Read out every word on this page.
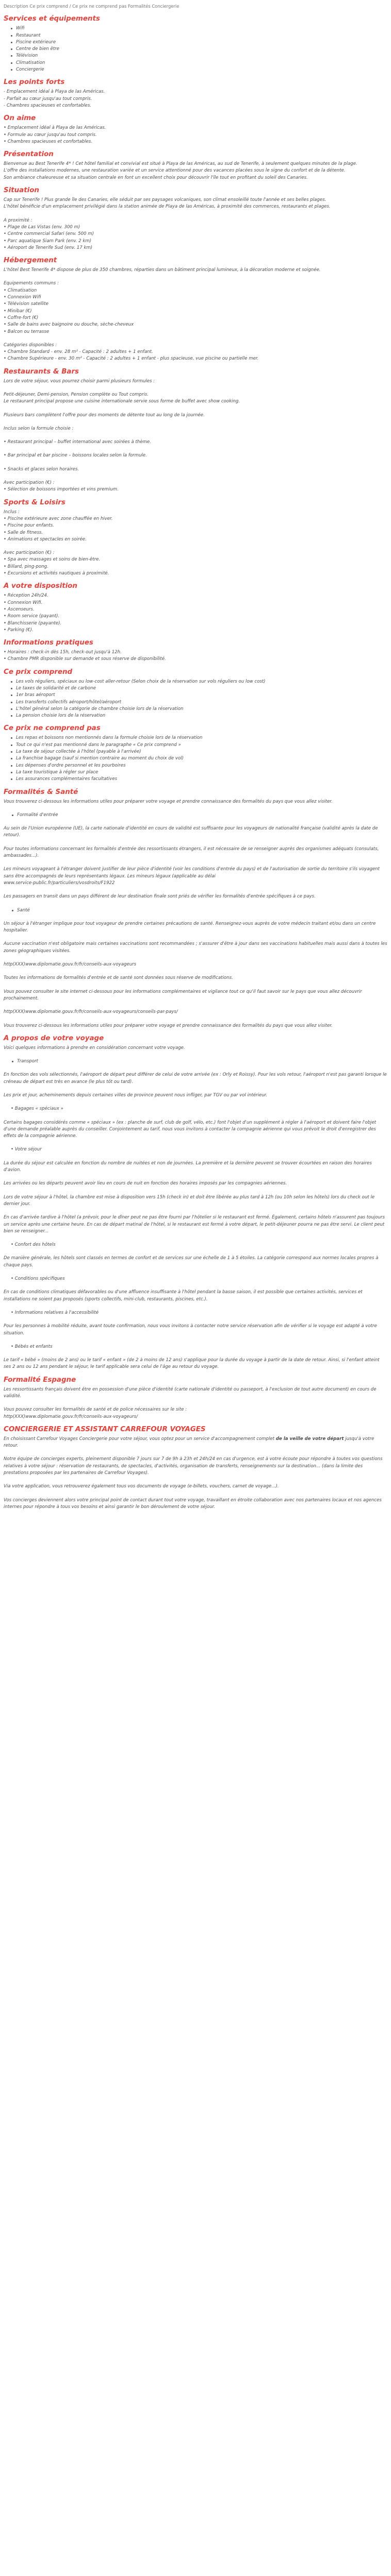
Description Ce prix comprend / Ce prix ne comprend pas Formalités Conciergerie

Services et équipements
Wifi
Restaurant
Piscine extérieure
Centre de bien être
Télévision
Climatisation
Conciergerie
Les points forts

- Emplacement idéal à Playa de las Américas.

- Parfait au cœur jusqu'au tout compris.

- Chambres spacieuses et confortables.

On aime

• Emplacement idéal à Playa de las Américas.

• Formule au cœur jusqu'au tout compris.

• Chambres spacieuses et confortables.

Présentation

Bienvenue au Best Tenerife 4* ! Cet hôtel familial et convivial est situé à Playa de las Américas, au sud de Tenerife, à seulement quelques minutes de la plage.

L'offre des installations modernes, une restauration variée et un service attentionné pour des vacances placées sous le signe du confort et de la détente.

Son ambiance chaleureuse et sa situation centrale en font un excellent choix pour découvrir l'île tout en profitant du soleil des Canaries.

Situation

Cap sur Tenerife ! Plus grande île des Canaries, elle séduit par ses paysages volcaniques, son climat ensoleillé toute l'année et ses belles plages.

L'hôtel bénéficie d'un emplacement privilégié dans la station animée de Playa de las Américas, à proximité des commerces, restaurants et plages.

A proximité :

• Plage de Las Vistas (env. 300 m)

• Centre commercial Safari (env. 500 m)

• Parc aquatique Siam Park (env. 2 km)

• Aéroport de Tenerife Sud (env. 17 km)

Hébergement

L'hôtel Best Tenerife 4* dispose de plus de 350 chambres, réparties dans un bâtiment principal lumineux, à la décoration moderne et soignée.

Equipements communs :

• Climatisation

• Connexion Wifi

• Télévision satellite

• Minibar (€)

• Coffre-fort (€)

• Salle de bains avec baignoire ou douche, sèche-cheveux

• Balcon ou terrasse

Catégories disponibles :

• Chambre Standard - env. 28 m² - Capacité : 2 adultes + 1 enfant.

• Chambre Supérieure - env. 30 m² - Capacité : 2 adultes + 1 enfant - plus spacieuse, vue piscine ou partielle mer.

Restaurants & Bars

Lors de votre séjour, vous pourrez choisir parmi plusieurs formules :

Petit-déjeuner, Demi-pension, Pension complète ou Tout compris.

Le restaurant principal propose une cuisine internationale servie sous forme de buffet avec show cooking.

Plusieurs bars complètent l'offre pour des moments de détente tout au long de la journée.

Inclus selon la formule choisie :

• Restaurant principal – buffet international avec soirées à thème.

• Bar principal et bar piscine – boissons locales selon la formule.

• Snacks et glaces selon horaires.

Avec participation (€) :

• Sélection de boissons importées et vins premium.

Sports & Loisirs

Inclus :

• Piscine extérieure avec zone chauffée en hiver.

• Piscine pour enfants.

• Salle de fitness.

• Animations et spectacles en soirée.

Avec participation (€) :

• Spa avec massages et soins de bien-être.

• Billard, ping-pong.

• Excursions et activités nautiques à proximité.

A votre disposition

• Réception 24h/24.

• Connexion Wifi.

• Ascenseurs.

• Room service (payant).

• Blanchisserie (payante).

• Parking (€).

Informations pratiques

• Horaires : check-in dès 15h, check-out jusqu'à 12h.

• Chambre PMR disponible sur demande et sous réserve de disponibilité.

Ce prix comprend
Les vols réguliers, spéciaux ou low-cost aller-retour (Selon choix de la réservation sur vols réguliers ou low cost)
Le taxes de solidarité et de carbone
1er bras aéroport
Les transferts collectifs aéroport/hôtel/aéroport
L'hôtel général selon la catégorie de chambre choisie lors de la réservation
La pension choisie lors de la réservation
Ce prix ne comprend pas
Les repas et boissons non mentionnés dans la formule choisie lors de la réservation
Tout ce qui n'est pas mentionné dans le paragraphe « Ce prix comprend »
La taxe de séjour collectée à l'hôtel (payable à l'arrivée)
La franchise bagage (sauf si mention contraire au moment du choix de vol)
Les dépenses d'ordre personnel et les pourboires
La taxe touristique à régler sur place
Les assurances complémentaires facultatives
Formalités & Santé

Vous trouverez ci-dessous les informations utiles pour préparer votre voyage et prendre connaissance des formalités du pays que vous allez visiter.

Formalité d'entrée

Au sein de l'Union européenne (UE), la carte nationale d'identité en cours de validité est suffisante pour les voyageurs de nationalité française (validité après la date de retour).

Pour toutes informations concernant les formalités d'entrée des ressortissants étrangers, il est nécessaire de se renseigner auprès des organismes adéquats (consulats, ambassades...).

Les mineurs voyageant à l'étranger doivent justifier de leur pièce d'identité (voir les conditions d'entrée du pays) et de l'autorisation de sortie du territoire s'ils voyagent sans être accompagnés de leurs représentants légaux. Les mineurs légaux (applicable au délai

www.service-public.fr/particuliers/vosdroits/F1922

Les passagers en transit dans un pays différent de leur destination finale sont priés de vérifier les formalités d'entrée spécifiques à ce pays.

Santé

Un séjour à l'étranger implique pour tout voyageur de prendre certaines précautions de santé. Renseignez-vous auprès de votre médecin traitant et/ou dans un centre hospitalier.

Aucune vaccination n'est obligatoire mais certaines vaccinations sont recommandées ; s'assurer d'être à jour dans ses vaccinations habituelles mais aussi dans à toutes les zones géographiques visitées.

http(XXX)www.diplomatie.gouv.fr/fr/conseils-aux-voyageurs

Toutes les informations de formalités d'entrée et de santé sont données sous réserve de modifications.

Vous pouvez consulter le site internet ci-dessous pour les informations complémentaires et vigilance tout ce qu'il faut savoir sur le pays que vous allez découvrir prochainement.

http(XXX)www.diplomatie.gouv.fr/fr/conseils-aux-voyageurs/conseils-par-pays/

Vous trouverez ci-dessous les informations utiles pour préparer votre voyage et prendre connaissance des formalités du pays que vous allez visiter.

A propos de votre voyage

Voici quelques informations à prendre en considération concernant votre voyage.

Transport

En fonction des vols sélectionnés, l'aéroport de départ peut différer de celui de votre arrivée (ex : Orly et Roissy). Pour les vols retour, l'aéroport n'est pas garanti lorsque le créneau de départ est très en avance (le plus tôt ou tard).

Les prix et jour, acheminements depuis certaines villes de province peuvent nous infliger, par TGV ou par vol intérieur.

• Bagages « spéciaux »

Certains bagages considérés comme « spéciaux » (ex : planche de surf, club de golf, vélo, etc.) font l'objet d'un supplément à régler à l'aéroport et doivent faire l'objet d'une demande préalable auprès du conseiller. Conjointement au tarif, nous vous invitons à contacter la compagnie aérienne qui vous prévoit le droit d'enregistrer des effets de la compagnie aérienne.

• Votre séjour

La durée du séjour est calculée en fonction du nombre de nuitées et non de journées. La première et la dernière peuvent se trouver écourtées en raison des horaires d'avion.

Les arrivées ou les départs peuvent avoir lieu en cours de nuit en fonction des horaires imposés par les compagnies aériennes.

Lors de votre séjour à l'hôtel, la chambre est mise à disposition vers 15h (check in) et doit être libérée au plus tard à 12h (ou 10h selon les hôtels) lors du check out le dernier jour.

En cas d'arrivée tardive à l'hôtel (a prévoir, pour le dîner peut ne pas être fourni par l'hôtelier si le restaurant est fermé. Également, certains hôtels n'assurent pas toujours un service après une certaine heure. En cas de départ matinal de l'hôtel, si le restaurant est fermé à votre départ, le petit-déjeuner pourra ne pas être servi. Le client peut bien se renseigner...

• Confort des hôtels

De manière générale, les hôtels sont classés en termes de confort et de services sur une échelle de 1 à 5 étoiles. La catégorie correspond aux normes locales propres à chaque pays.

• Conditions spécifiques

En cas de conditions climatiques défavorables ou d'une affluence insuffisante à l'hôtel pendant la basse saison, il est possible que certaines activités, services et installations ne soient pas proposés (sports collectifs, mini-club, restaurants, piscines, etc.).

• Informations relatives à l'accessibilité

Pour les personnes à mobilité réduite, avant toute confirmation, nous vous invitons à contacter notre service réservation afin de vérifier si le voyage est adapté à votre situation.

• Bébés et enfants

Le tarif « bébé » (moins de 2 ans) ou le tarif « enfant » (de 2 à moins de 12 ans) s'applique pour la durée du voyage à partir de la date de retour. Ainsi, si l'enfant atteint ses 2 ans ou 12 ans pendant le séjour, le tarif applicable sera celui de l'âge au retour du voyage.

Formalité Espagne

Les ressortissants français doivent être en possession d'une pièce d'identité (carte nationale d'identité ou passeport, à l'exclusion de tout autre document) en cours de validité.

Vous pouvez consulter les formalités de santé et de police nécessaires sur le site :

http(XXX)www.diplomatie.gouv.fr/fr/conseils-aux-voyageurs/

CONCIERGERIE ET ASSISTANT CARREFOUR VOYAGES

En choisissant Carrefour Voyages Conciergerie pour votre séjour, vous optez pour un service d'accompagnement complet de la veille de votre départ jusqu'à votre retour.

Notre équipe de concierges experts, pleinement disponible 7 jours sur 7 de 9h à 23h et 24h/24 en cas d'urgence, est à votre écoute pour répondre à toutes vos questions relatives à votre séjour : réservation de restaurants, de spectacles, d'activités, organisation de transferts, renseignements sur la destination... (dans la limite des prestations proposées par les partenaires de Carrefour Voyages).

Via votre application, vous retrouverez également tous vos documents de voyage (e-billets, vouchers, carnet de voyage...).

Vos concierges deviennent alors votre principal point de contact durant tout votre voyage, travaillant en étroite collaboration avec nos partenaires locaux et nos agences internes pour répondre à tous vos besoins et ainsi garantir le bon déroulement de votre séjour.
